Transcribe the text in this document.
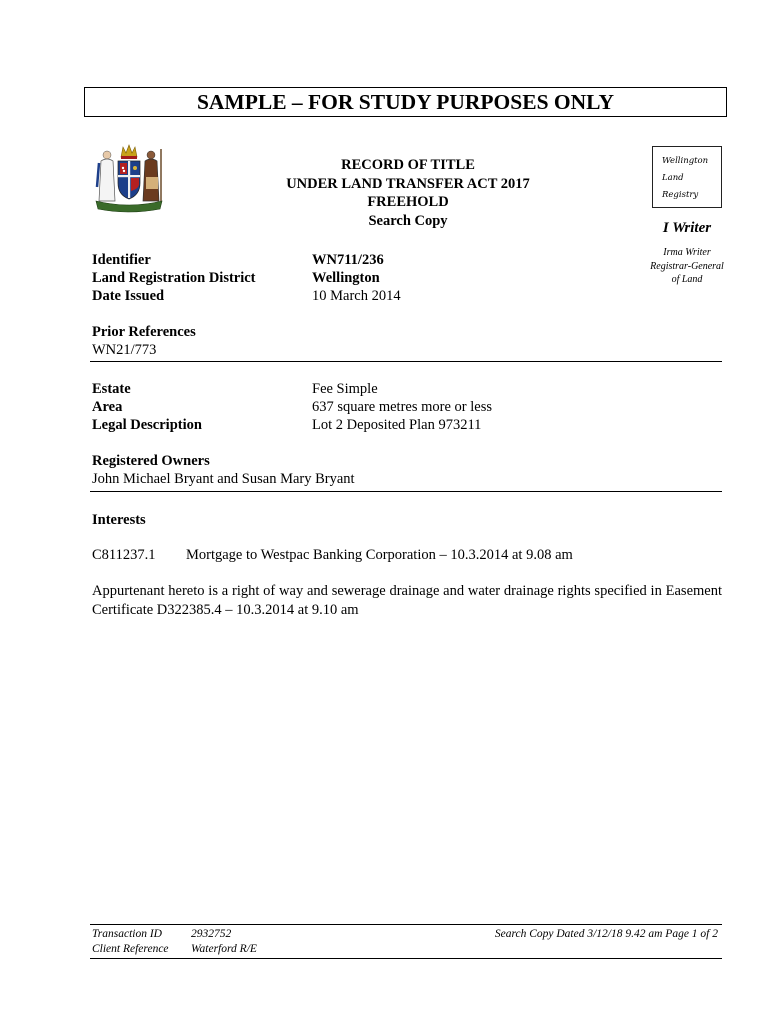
SAMPLE – FOR STUDY PURPOSES ONLY
RECORD OF TITLE
UNDER LAND TRANSFER ACT 2017
FREEHOLD
Search Copy
Wellington
Land
Registry
I Writer
Irma Writer
Registrar-General
of Land
Identifier	WN711/236
Land Registration District	Wellington
Date Issued	10 March 2014
Prior References
WN21/773
Estate	Fee Simple
Area	637 square metres more or less
Legal Description	Lot 2 Deposited Plan 973211
Registered Owners
John Michael Bryant and Susan Mary Bryant
Interests
C811237.1 Mortgage to Westpac Banking Corporation – 10.3.2014 at 9.08 am
Appurtenant hereto is a right of way and sewerage drainage and water drainage rights specified in Easement Certificate D322385.4 – 10.3.2014 at 9.10 am
Transaction ID	2932752
Client Reference Waterford R/E
Search Copy Dated 3/12/18 9.42 am Page 1 of 2
